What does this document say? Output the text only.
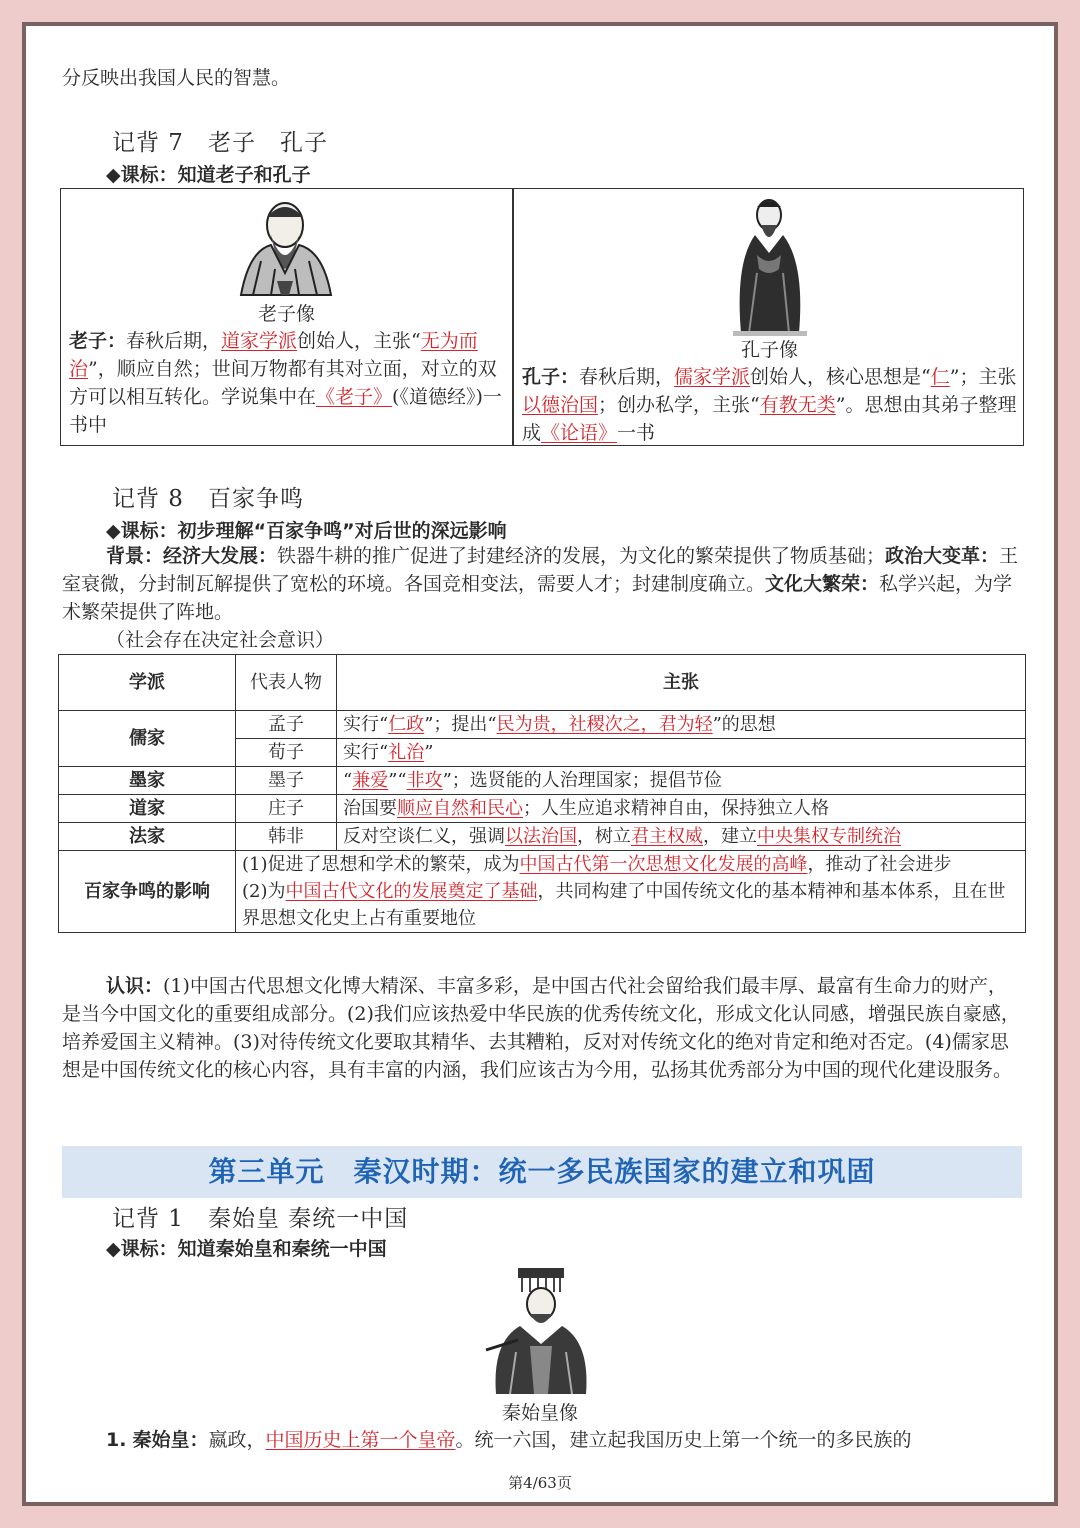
分反映出我国人民的智慧。
记背 7　老子　孔子
◆课标：知道老子和孔子
老子像
老子：春秋后期，道家学派创始人，主张“无为而治”，顺应自然；世间万物都有其对立面，对立的双方可以相互转化。学说集中在《老子》(《道德经》)一书中
孔子像
孔子：春秋后期，儒家学派创始人，核心思想是“仁”；主张以德治国；创办私学，主张“有教无类”。思想由其弟子整理成《论语》一书
记背 8　百家争鸣
◆课标：初步理解“百家争鸣”对后世的深远影响
背景：经济大发展：铁器牛耕的推广促进了封建经济的发展，为文化的繁荣提供了物质基础；政治大变革：王室衰微，分封制瓦解提供了宽松的环境。各国竞相变法，需要人才；封建制度确立。文化大繁荣：私学兴起，为学术繁荣提供了阵地。
（社会存在决定社会意识）
学派	代表人物	主张
儒家	孟子	实行“仁政”；提出“民为贵，社稷次之，君为轻”的思想
	荀子	实行“礼治”
墨家	墨子	“兼爱”“非攻”；选贤能的人治理国家；提倡节俭
道家	庄子	治国要顺应自然和民心；人生应追求精神自由，保持独立人格
法家	韩非	反对空谈仁义，强调以法治国，树立君主权威，建立中央集权专制统治
百家争鸣的影响	(1)促进了思想和学术的繁荣，成为中国古代第一次思想文化发展的高峰，推动了社会进步
(2)为中国古代文化的发展奠定了基础，共同构建了中国传统文化的基本精神和基本体系，且在世界思想文化史上占有重要地位	
认识：(1)中国古代思想文化博大精深、丰富多彩，是中国古代社会留给我们最丰厚、最富有生命力的财产，是当今中国文化的重要组成部分。(2)我们应该热爱中华民族的优秀传统文化，形成文化认同感，增强民族自豪感，培养爱国主义精神。(3)对待传统文化要取其精华、去其糟粕，反对对传统文化的绝对肯定和绝对否定。(4)儒家思想是中国传统文化的核心内容，具有丰富的内涵，我们应该古为今用，弘扬其优秀部分为中国的现代化建设服务。
第三单元　秦汉时期：统一多民族国家的建立和巩固
记背 1　秦始皇 秦统一中国
◆课标：知道秦始皇和秦统一中国
秦始皇像
1. 秦始皇：嬴政，中国历史上第一个皇帝。统一六国，建立起我国历史上第一个统一的多民族的
第4/63页
